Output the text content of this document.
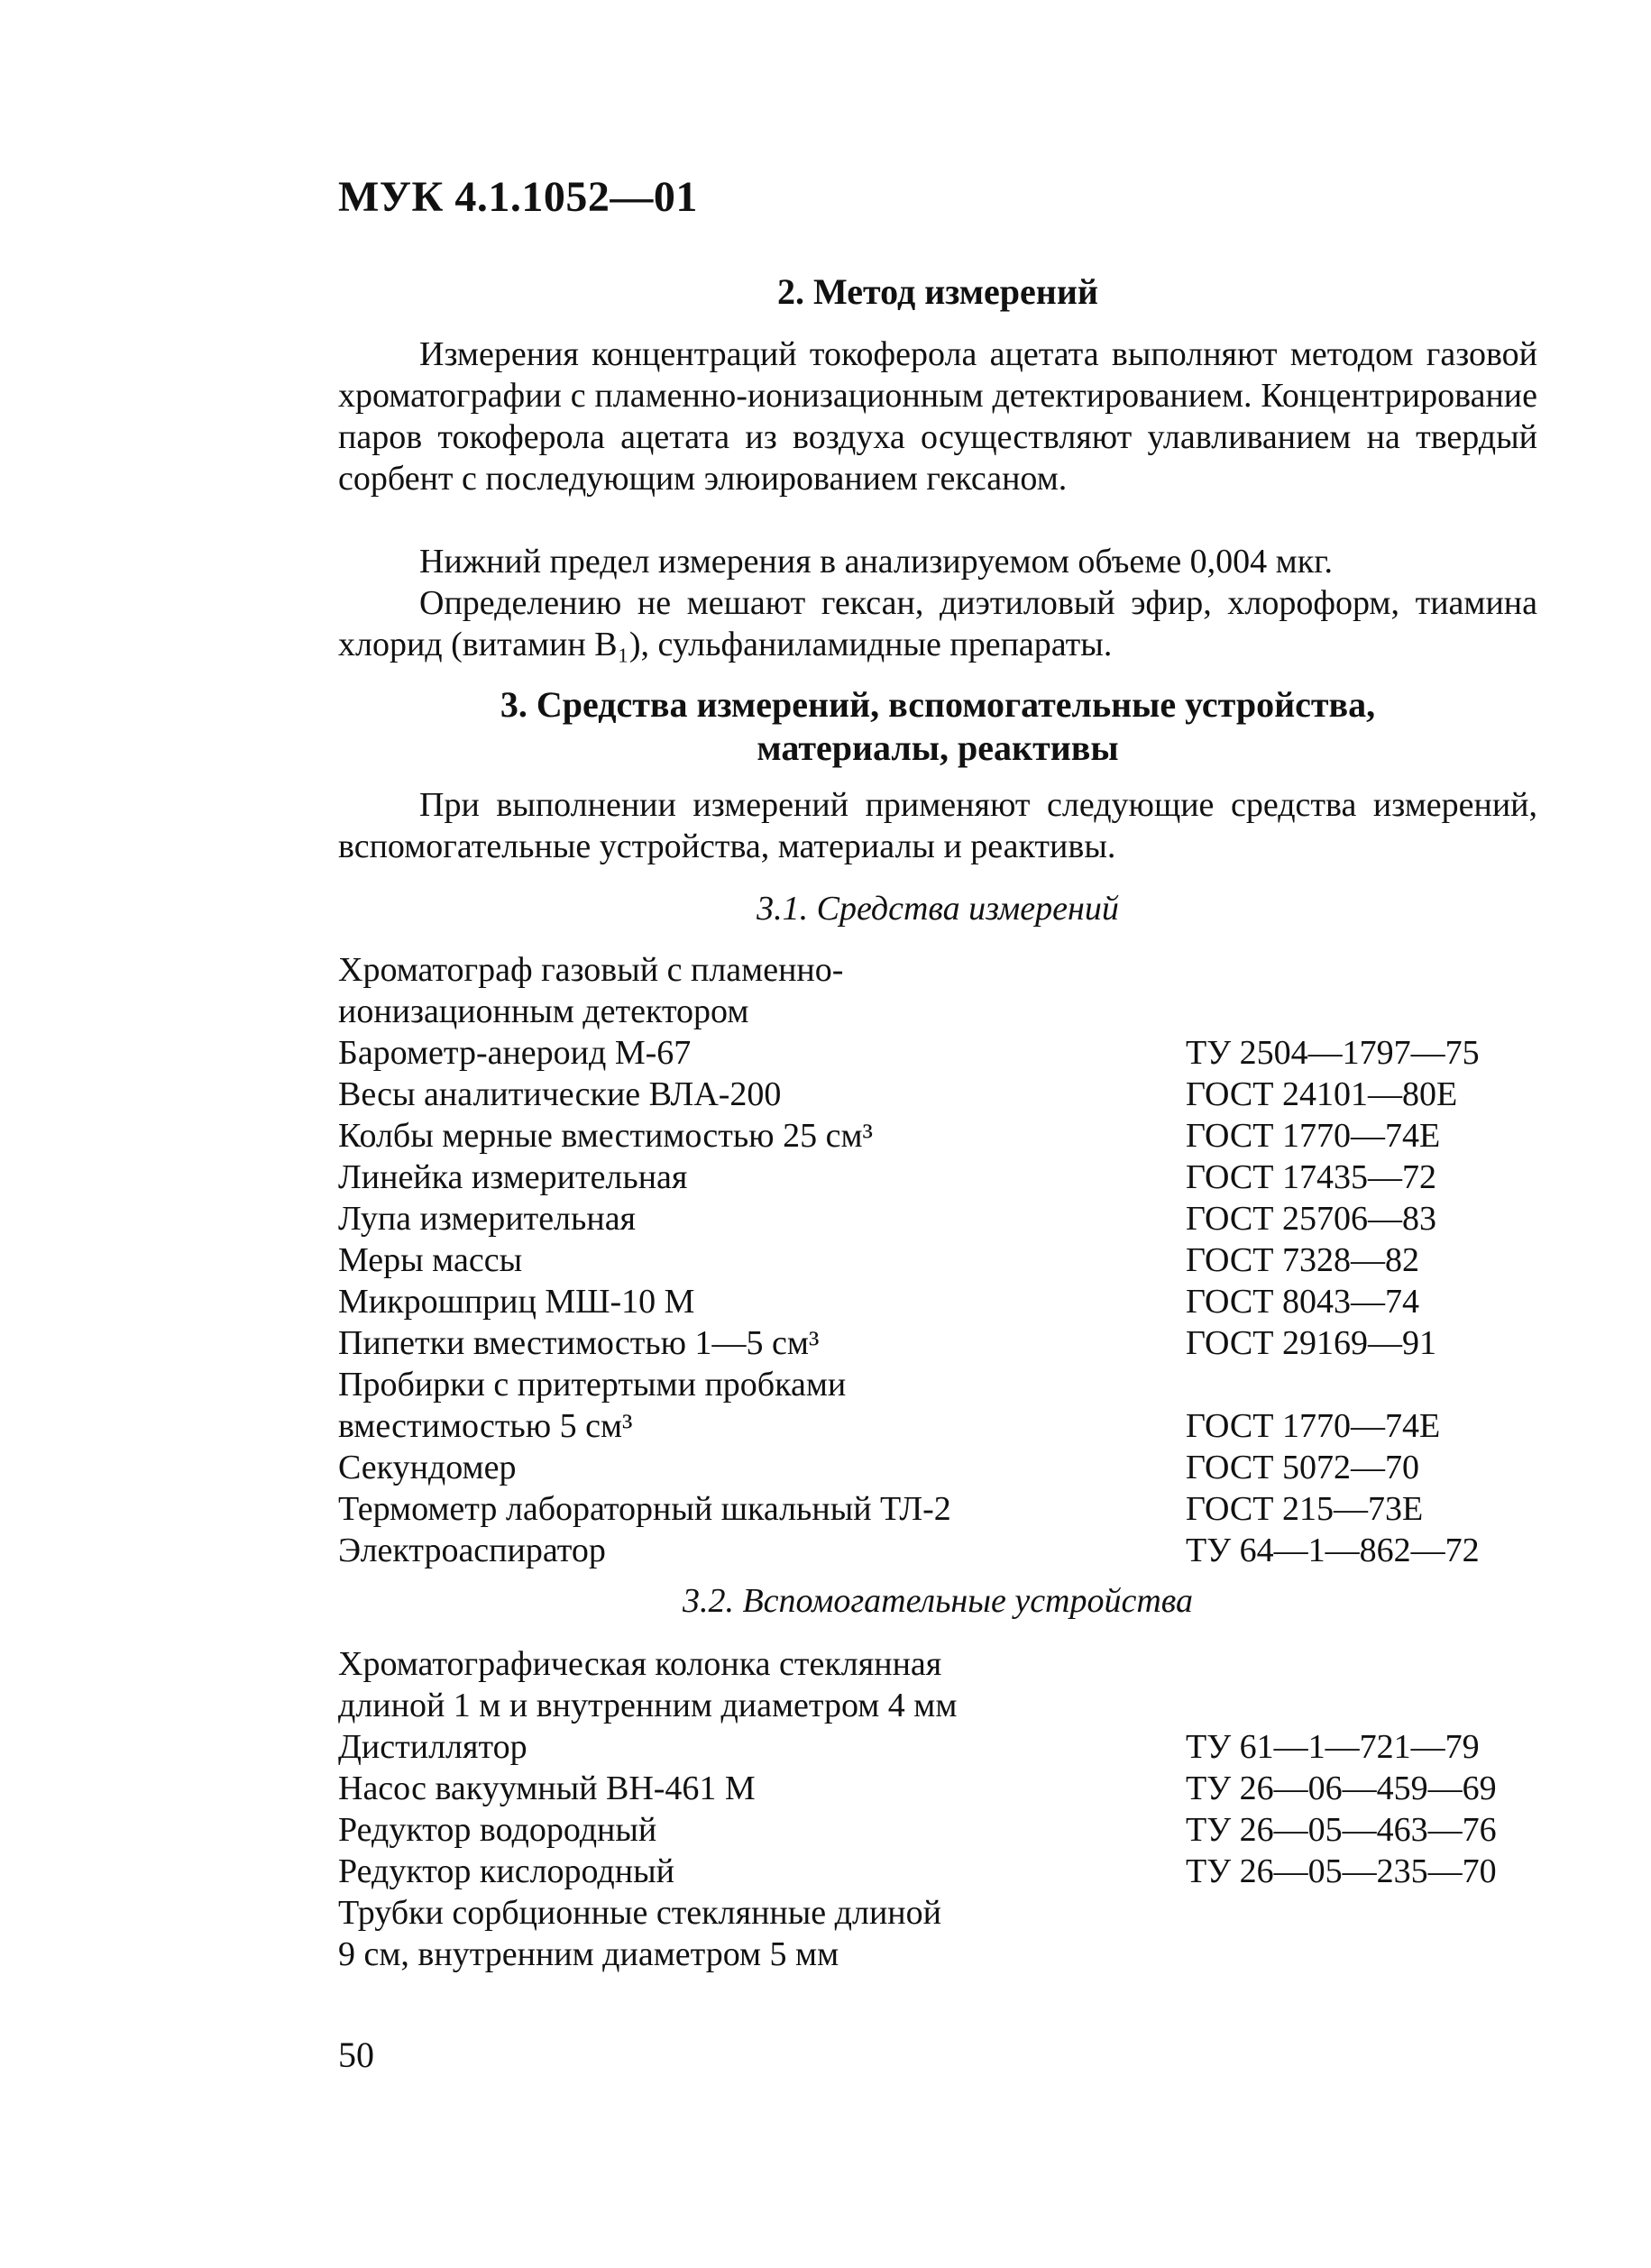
МУК 4.1.1052—01
2. Метод измерений

Измерения концентраций токоферола ацетата выполняют методом газовой хроматографии с пламенно-ионизационным детектированием. Концентрирование паров токоферола ацетата из воздуха осуществляют улавливанием на твердый сорбент с последующим элюированием гексаном.

Нижний предел измерения в анализируемом объеме 0,004 мкг.

Определению не мешают гексан, диэтиловый эфир, хлороформ, тиамина хлорид (витамин B₁), сульфаниламидные препараты.

3. Средства измерений, вспомогательные устройства,
материалы, реактивы

При выполнении измерений применяют следующие средства измерений, вспомогательные устройства, материалы и реактивы.

3.1. Средства измерений
Хроматограф газовый с пламенно-
ионизационным детектором
Барометр-анероид М-67	ТУ 2504—1797—75
Весы аналитические ВЛА-200	ГОСТ 24101—80Е
Колбы мерные вместимостью 25 см³	ГОСТ 1770—74Е
Линейка измерительная	ГОСТ 17435—72
Лупа измерительная	ГОСТ 25706—83
Меры массы	ГОСТ 7328—82
Микрошприц МШ-10 М	ГОСТ 8043—74
Пипетки вместимостью 1—5 см³	ГОСТ 29169—91
Пробирки с притертыми пробками
вместимостью 5 см³	ГОСТ 1770—74Е
Секундомер	ГОСТ 5072—70
Термометр лабораторный шкальный ТЛ-2	ГОСТ 215—73Е
Электроаспиратор	ТУ 64—1—862—72
3.2. Вспомогательные устройства
Хроматографическая колонка стеклянная
длиной 1 м и внутренним диаметром 4 мм
Дистиллятор	ТУ 61—1—721—79
Насос вакуумный ВН-461 М	ТУ 26—06—459—69
Редуктор водородный	ТУ 26—05—463—76
Редуктор кислородный	ТУ 26—05—235—70
Трубки сорбционные стеклянные длиной
9 см, внутренним диаметром 5 мм
50
